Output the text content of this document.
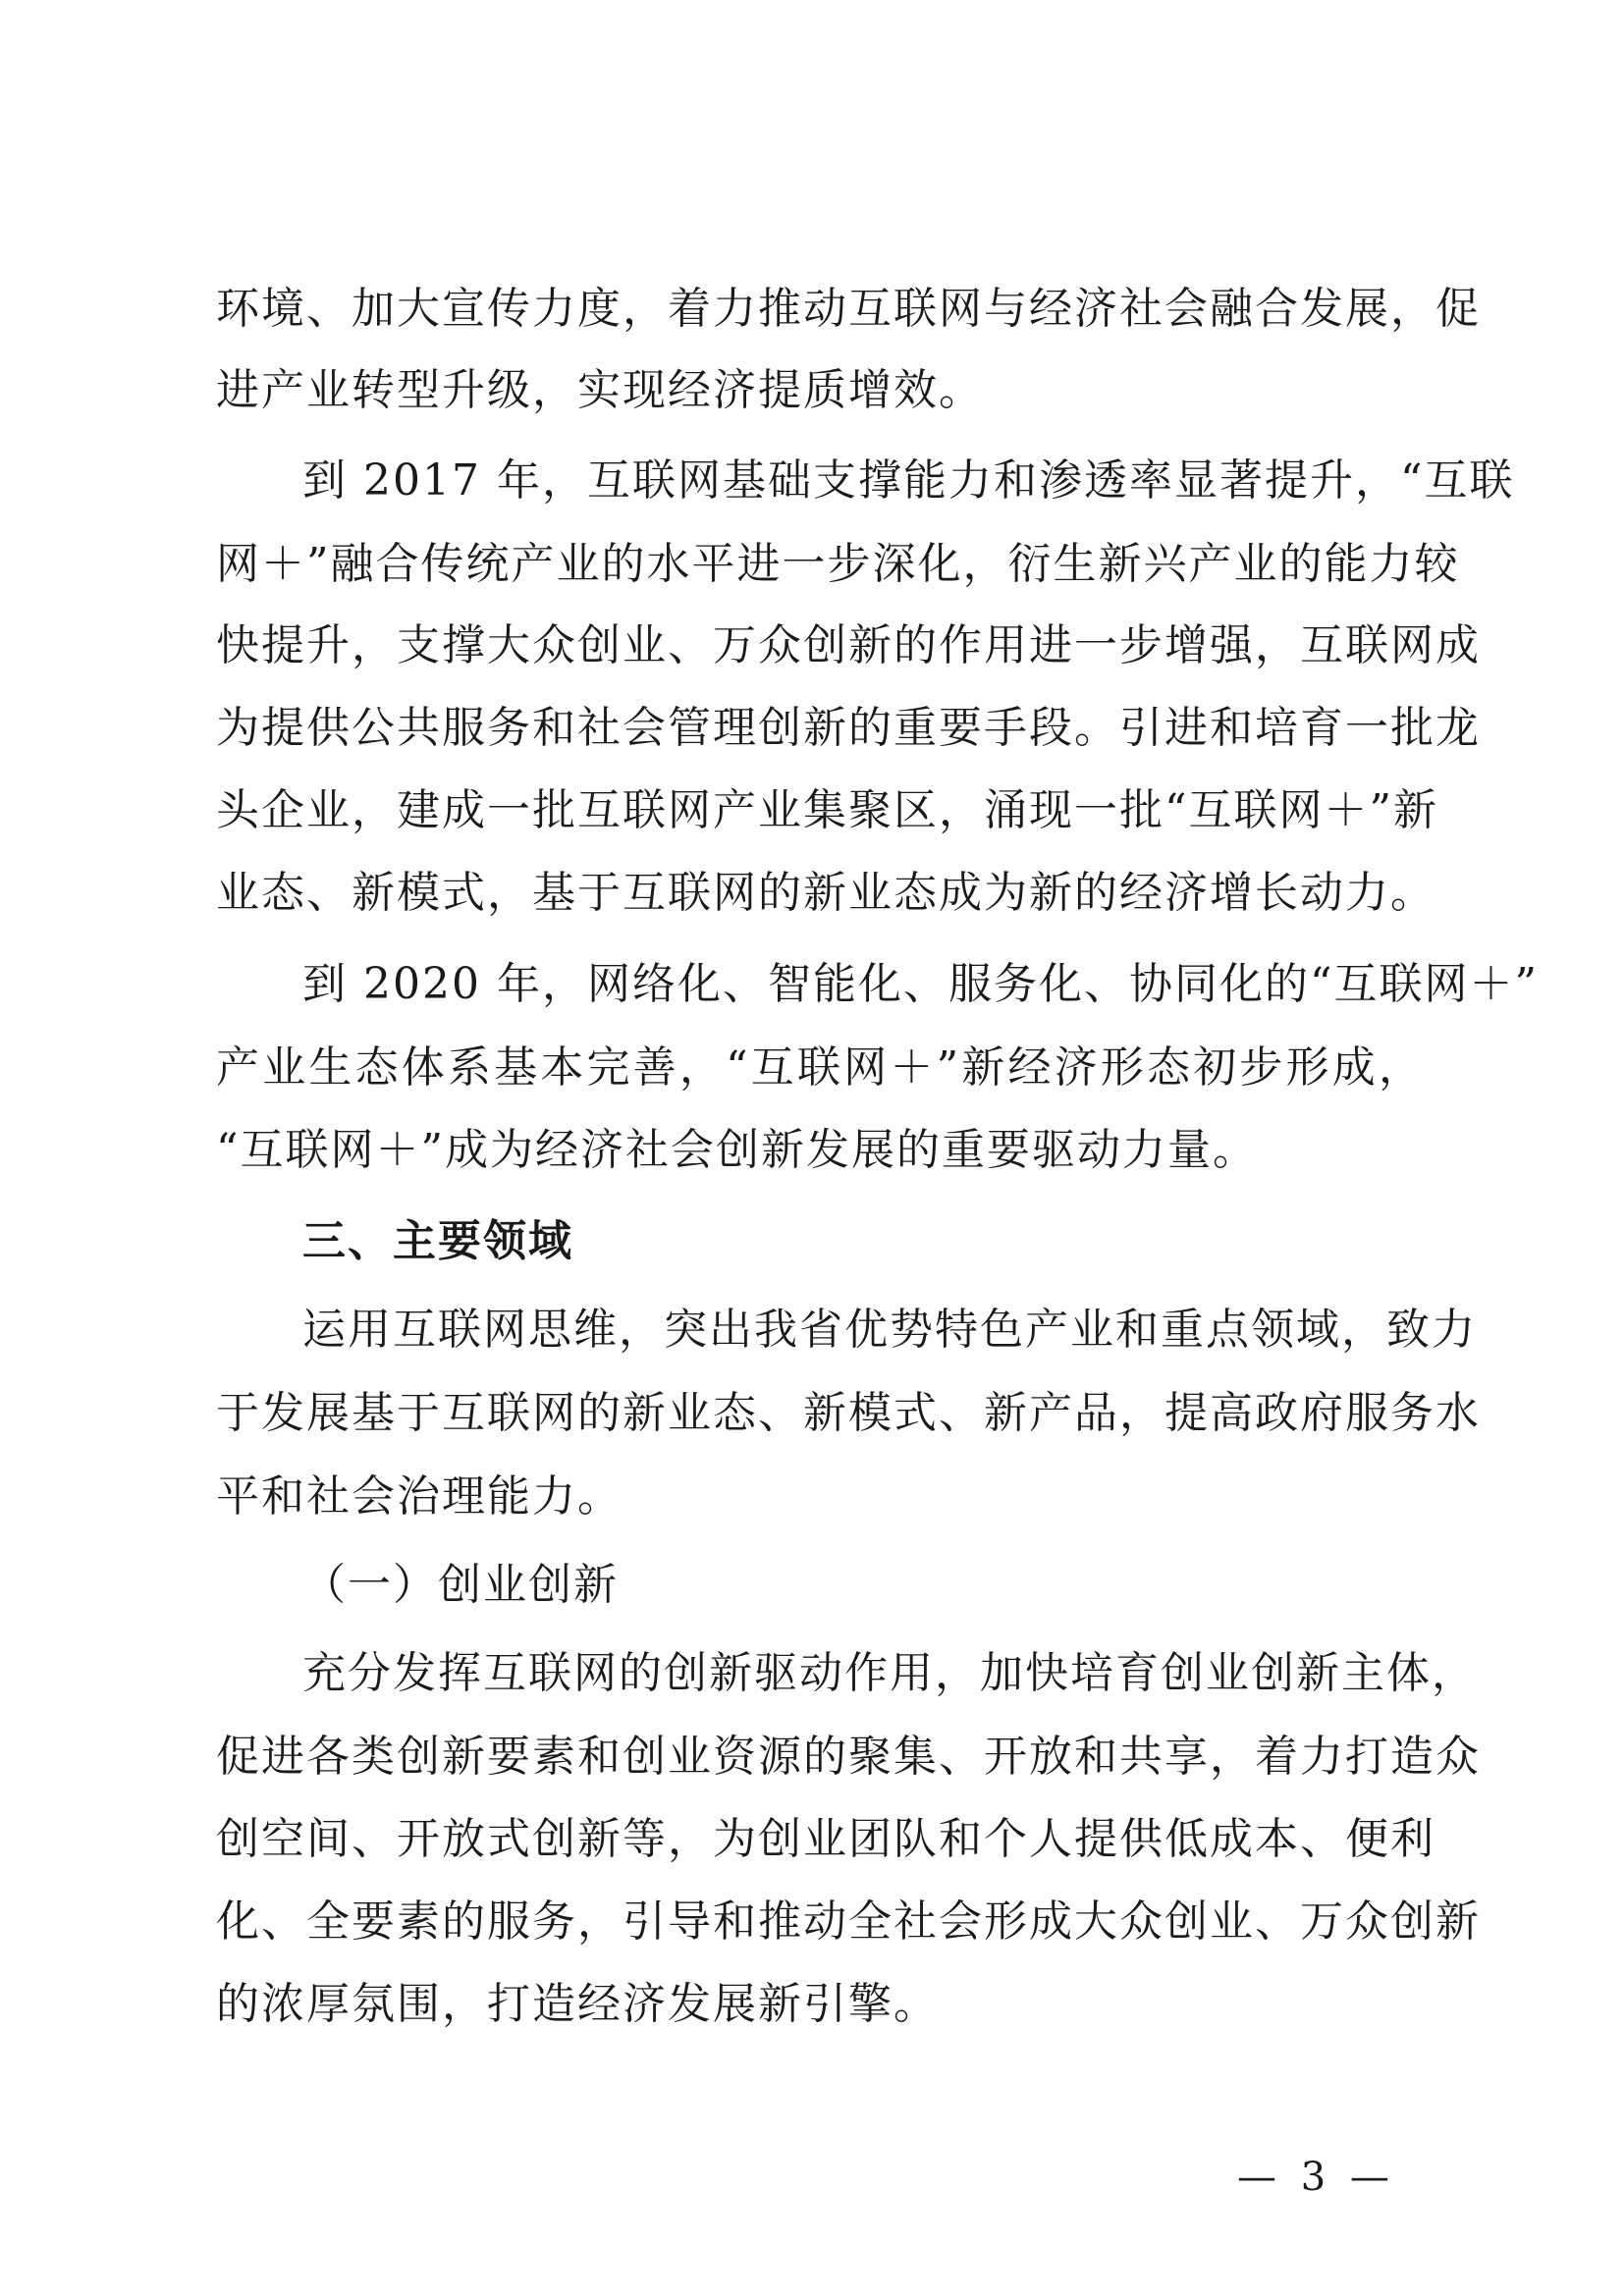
环境、加大宣传力度，着力推动互联网与经济社会融合发展，促

进产业转型升级，实现经济提质增效。

到 2017 年，互联网基础支撑能力和渗透率显著提升，“互联

网＋”融合传统产业的水平进一步深化，衍生新兴产业的能力较

快提升，支撑大众创业、万众创新的作用进一步增强，互联网成

为提供公共服务和社会管理创新的重要手段。引进和培育一批龙

头企业，建成一批互联网产业集聚区，涌现一批“互联网＋”新

业态、新模式，基于互联网的新业态成为新的经济增长动力。

到 2020 年，网络化、智能化、服务化、协同化的“互联网＋”

产业生态体系基本完善，“互联网＋”新经济形态初步形成，

“互联网＋”成为经济社会创新发展的重要驱动力量。

三、主要领域

运用互联网思维，突出我省优势特色产业和重点领域，致力

于发展基于互联网的新业态、新模式、新产品，提高政府服务水

平和社会治理能力。

（一）创业创新

充分发挥互联网的创新驱动作用，加快培育创业创新主体，

促进各类创新要素和创业资源的聚集、开放和共享，着力打造众

创空间、开放式创新等，为创业团队和个人提供低成本、便利

化、全要素的服务，引导和推动全社会形成大众创业、万众创新

的浓厚氛围，打造经济发展新引擎。

— 3 —
